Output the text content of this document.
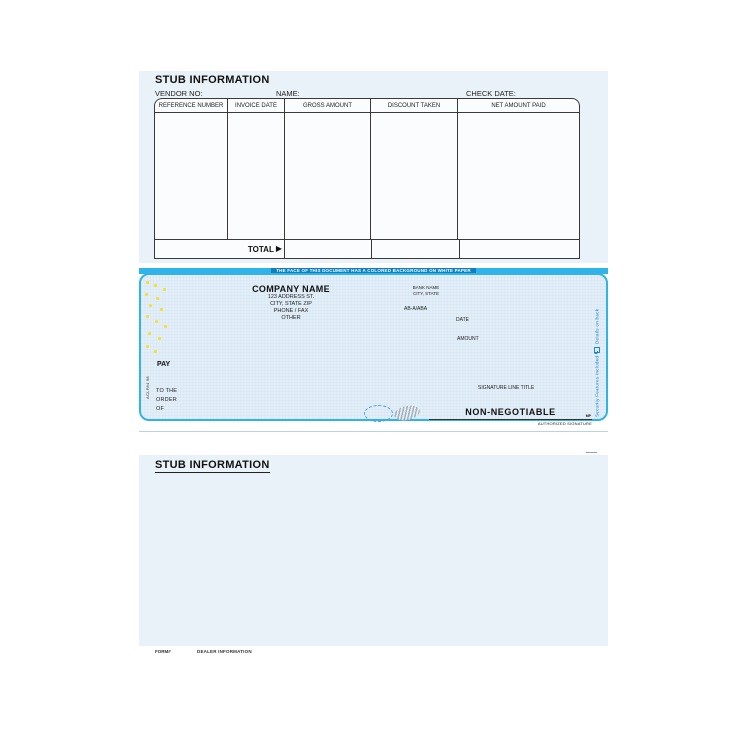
STUB INFORMATION
VENDOR NO:	NAME:	CHECK DATE:
REFERENCE NUMBER	INVOICE DATE	GROSS AMOUNT	DISCOUNT TAKEN	NET AMOUNT PAID
TOTAL ▶
THE FACE OF THIS DOCUMENT HAS A COLORED BACKGROUND ON WHITE PAPER
COMPANY NAME
123 ADDRESS ST.
CITY, STATE ZIP
PHONE / FAX
OTHER
BANK NAME
CITY, STATE
AB-A/ABA
DATE
AMOUNT
PAY
ACLF84 98 TO THE
ORDER
OF
SIGNATURE LINE TITLE
NON-NEGOTIABLE	MP
AUTHORIZED SIGNATURE
Security Features Included
Details on back
STUB INFORMATION
FORM#	DEALER INFORMATION
